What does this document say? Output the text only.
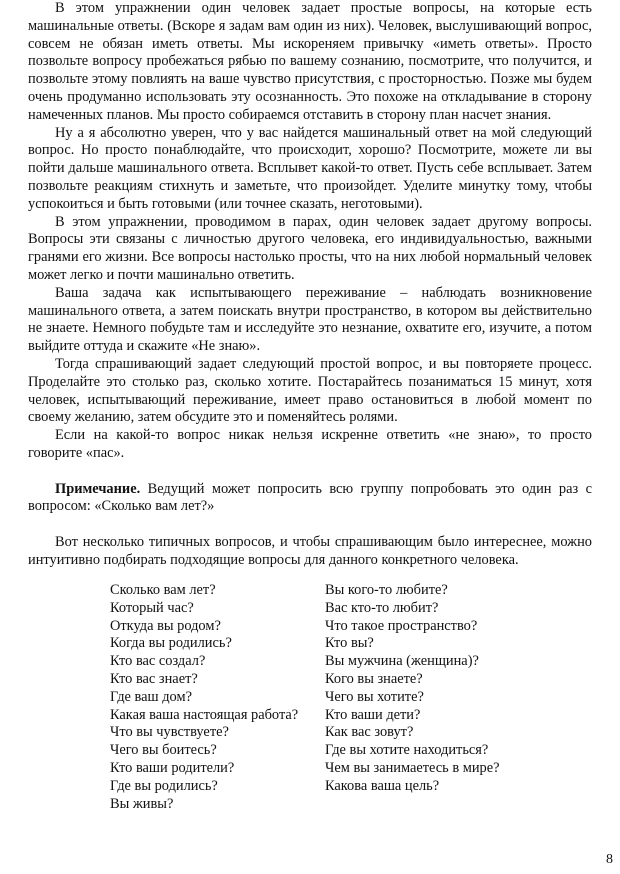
В этом упражнении один человек задает простые вопросы, на которые есть машинальные ответы. (Вскоре я задам вам один из них). Человек, выслушивающий вопрос, совсем не обязан иметь ответы. Мы искореняем привычку «иметь ответы». Просто позвольте вопросу пробежаться рябью по вашему сознанию, посмотрите, что получится, и позвольте этому повлиять на ваше чувство присутствия, с просторностью. Позже мы будем очень продуманно использовать эту осознанность. Это похоже на откладывание в сторону намеченных планов. Мы просто собираемся отставить в сторону план насчет знания.

Ну а я абсолютно уверен, что у вас найдется машинальный ответ на мой следующий вопрос. Но просто понаблюдайте, что происходит, хорошо? Посмотрите, можете ли вы пойти дальше машинального ответа. Всплывет какой-то ответ. Пусть себе всплывает. Затем позвольте реакциям стихнуть и заметьте, что произойдет. Уделите минутку тому, чтобы успокоиться и быть готовыми (или точнее сказать, неготовыми).

В этом упражнении, проводимом в парах, один человек задает другому вопросы. Вопросы эти связаны с личностью другого человека, его индивидуальностью, важными гранями его жизни. Все вопросы настолько просты, что на них любой нормальный человек может легко и почти машинально ответить.

Ваша задача как испытывающего переживание – наблюдать возникновение машинального ответа, а затем поискать внутри пространство, в котором вы действительно не знаете. Немного побудьте там и исследуйте это незнание, охватите его, изучите, а потом выйдите оттуда и скажите «Не знаю».

Тогда спрашивающий задает следующий простой вопрос, и вы повторяете процесс. Проделайте это столько раз, сколько хотите. Постарайтесь позаниматься 15 минут, хотя человек, испытывающий переживание, имеет право остановиться в любой момент по своему желанию, затем обсудите это и поменяйтесь ролями.

Если на какой-то вопрос никак нельзя искренне ответить «не знаю», то просто говорите «пас».

Примечание. Ведущий может попросить всю группу попробовать это один раз с вопросом: «Сколько вам лет?»

Вот несколько типичных вопросов, и чтобы спрашивающим было интереснее, можно интуитивно подбирать подходящие вопросы для данного конкретного человека.

Сколько вам лет?
Который час?
Откуда вы родом?
Когда вы родились?
Кто вас создал?
Кто вас знает?
Где ваш дом?
Какая ваша настоящая работа?
Что вы чувствуете?
Чего вы боитесь?
Кто ваши родители?
Где вы родились?
Вы живы?
Вы кого-то любите?
Вас кто-то любит?
Что такое пространство?
Кто вы?
Вы мужчина (женщина)?
Кого вы знаете?
Чего вы хотите?
Кто ваши дети?
Как вас зовут?
Где вы хотите находиться?
Чем вы занимаетесь в мире?
Какова ваша цель?
8
